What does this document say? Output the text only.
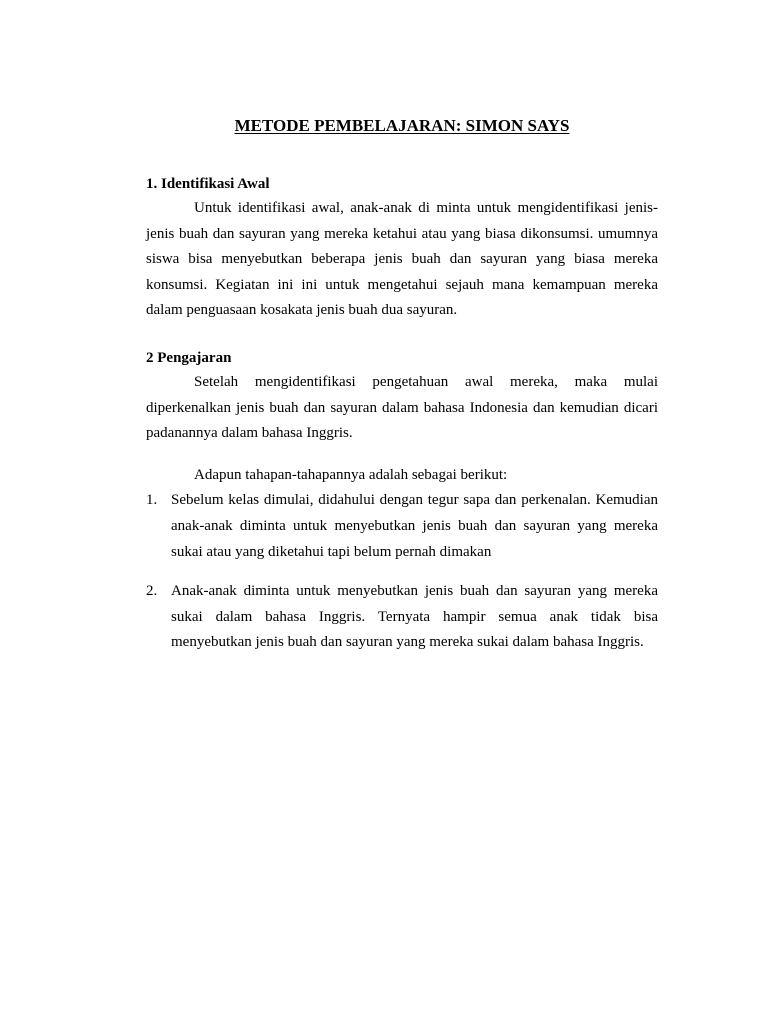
METODE PEMBELAJARAN: SIMON SAYS

1. Identifikasi Awal

Untuk identifikasi awal, anak-anak di minta untuk mengidentifikasi jenis-jenis buah dan sayuran yang mereka ketahui atau yang biasa dikonsumsi. umumnya siswa bisa menyebutkan beberapa jenis buah dan sayuran yang biasa mereka konsumsi. Kegiatan ini ini untuk mengetahui sejauh mana kemampuan mereka dalam penguasaan kosakata jenis buah dua sayuran.

2 Pengajaran

Setelah mengidentifikasi pengetahuan awal mereka, maka mulai diperkenalkan jenis buah dan sayuran dalam bahasa Indonesia dan kemudian dicari padanannya dalam bahasa Inggris.

Adapun tahapan-tahapannya adalah sebagai berikut:

1. Sebelum kelas dimulai, didahului dengan tegur sapa dan perkenalan. Kemudian anak-anak diminta untuk menyebutkan jenis buah dan sayuran yang mereka sukai atau yang diketahui tapi belum pernah dimakan
2. Anak-anak diminta untuk menyebutkan jenis buah dan sayuran yang mereka sukai dalam bahasa Inggris. Ternyata hampir semua anak tidak bisa menyebutkan jenis buah dan sayuran yang mereka sukai dalam bahasa Inggris.
